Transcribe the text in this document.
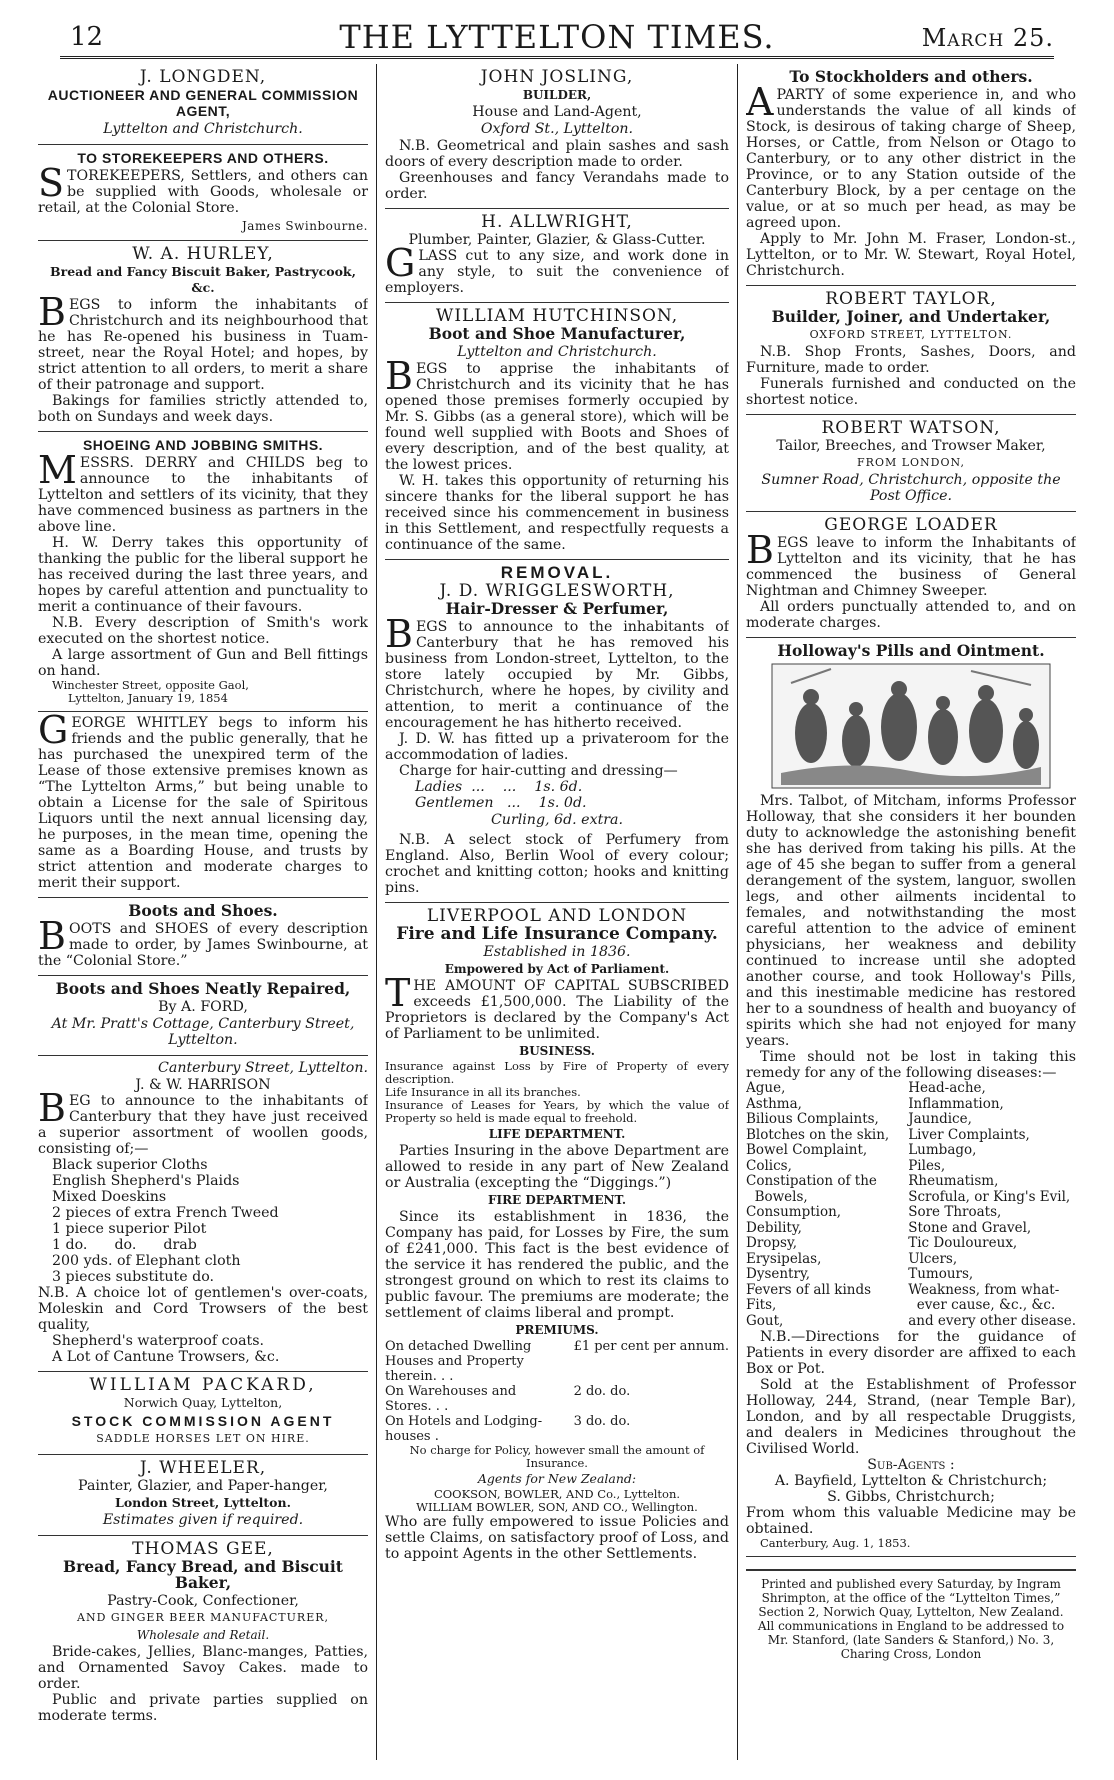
12	THE LYTTELTON TIMES.	March 25.
J. LONGDEN,
AUCTIONEER AND GENERAL COMMISSION AGENT,
Lyttelton and Christchurch.
TO STOREKEEPERS AND OTHERS.

STOREKEEPERS, Settlers, and others can be supplied with Goods, wholesale or retail, at the Colonial Store.

James Swinbourne.
W. A. HURLEY,
Bread and Fancy Biscuit Baker, Pastrycook, &c.

BEGS to inform the inhabitants of Christchurch and its neighbourhood that he has Re-opened his business in Tuam-street, near the Royal Hotel; and hopes, by strict attention to all orders, to merit a share of their patronage and support.

Bakings for families strictly attended to, both on Sundays and week days.

SHOEING AND JOBBING SMITHS.

MESSRS. DERRY and CHILDS beg to announce to the inhabitants of Lyttelton and settlers of its vicinity, that they have commenced business as partners in the above line.

H. W. Derry takes this opportunity of thanking the public for the liberal support he has received during the last three years, and hopes by careful attention and punctuality to merit a continuance of their favours.

N.B. Every description of Smith's work executed on the shortest notice.

A large assortment of Gun and Bell fittings on hand.

Winchester Street, opposite Gaol,
Lyttelton, January 19, 1854

GEORGE WHITLEY begs to inform his friends and the public generally, that he has purchased the unexpired term of the Lease of those extensive premises known as “The Lyttelton Arms,” but being unable to obtain a License for the sale of Spiritous Liquors until the next annual licensing day, he purposes, in the mean time, opening the same as a Boarding House, and trusts by strict attention and moderate charges to merit their support.

Boots and Shoes.

BOOTS and SHOES of every description made to order, by James Swinbourne, at the “Colonial Store.”

Boots and Shoes Neatly Repaired,
By A. FORD,
At Mr. Pratt's Cottage, Canterbury Street, Lyttelton.
Canterbury Street, Lyttelton.
J. & W. HARRISON

BEG to announce to the inhabitants of Canterbury that they have just received a superior assortment of woollen goods, consisting of;—

Black superior Cloths
English Shepherd's Plaids
Mixed Doeskins
2 pieces of extra French Tweed
1 piece superior Pilot
1 do.      do.      drab
200 yds. of Elephant cloth
3 pieces substitute do.

N.B. A choice lot of gentlemen's over-coats, Moleskin and Cord Trowsers of the best quality,

Shepherd's waterproof coats.
A Lot of Cantune Trowsers, &c.
WILLIAM PACKARD,
Norwich Quay, Lyttelton,
STOCK COMMISSION AGENT
SADDLE HORSES LET ON HIRE.
J. WHEELER,
Painter, Glazier, and Paper-hanger,
London Street, Lyttelton.
Estimates given if required.
THOMAS GEE,
Bread, Fancy Bread, and Biscuit Baker,
Pastry-Cook, Confectioner,
AND GINGER BEER MANUFACTURER,
Wholesale and Retail.

Bride-cakes, Jellies, Blanc-manges, Patties, and Ornamented Savoy Cakes. made to order.

Public and private parties supplied on moderate terms.

JOHN JOSLING,
BUILDER,
House and Land-Agent,
Oxford St., Lyttelton.

N.B. Geometrical and plain sashes and sash doors of every description made to order.

Greenhouses and fancy Verandahs made to order.

H. ALLWRIGHT,
Plumber, Painter, Glazier, & Glass-Cutter.

GLASS cut to any size, and work done in any style, to suit the convenience of employers.

WILLIAM HUTCHINSON,
Boot and Shoe Manufacturer,
Lyttelton and Christchurch.

BEGS to apprise the inhabitants of Christchurch and its vicinity that he has opened those premises formerly occupied by Mr. S. Gibbs (as a general store), which will be found well supplied with Boots and Shoes of every description, and of the best quality, at the lowest prices.

W. H. takes this opportunity of returning his sincere thanks for the liberal support he has received since his commencement in business in this Settlement, and respectfully requests a continuance of the same.

REMOVAL.
J. D. WRIGGLESWORTH,
Hair-Dresser & Perfumer,

BEGS to announce to the inhabitants of Canterbury that he has removed his business from London-street, Lyttelton, to the store lately occupied by Mr. Gibbs, Christchurch, where he hopes, by civility and attention, to merit a continuance of the encouragement he has hitherto received.

J. D. W. has fitted up a privateroom for the accommodation of ladies.

Charge for hair-cutting and dressing—
Ladies  ...    ...    1s. 6d.
Gentlemen   ...    1s. 0d.
Curling, 6d. extra.

N.B. A select stock of Perfumery from England. Also, Berlin Wool of every colour; crochet and knitting cotton; hooks and knitting pins.

LIVERPOOL AND LONDON
Fire and Life Insurance Company.
Established in 1836.
Empowered by Act of Parliament.

THE AMOUNT OF CAPITAL SUBSCRIBED exceeds £1,500,000. The Liability of the Proprietors is declared by the Company's Act of Parliament to be unlimited.

BUSINESS.

Insurance against Loss by Fire of Property of every description.

Life Insurance in all its branches.

Insurance of Leases for Years, by which the value of Property so held is made equal to freehold.

LIFE DEPARTMENT.

Parties Insuring in the above Department are allowed to reside in any part of New Zealand or Australia (excepting the “Diggings.”)

FIRE DEPARTMENT.

Since its establishment in 1836, the Company has paid, for Losses by Fire, the sum of £241,000. This fact is the best evidence of the service it has rendered the public, and the strongest ground on which to rest its claims to public favour. The premiums are moderate; the settlement of claims liberal and prompt.

PREMIUMS.
On detached Dwelling Houses and Property therein. . .
£1 per cent per annum.
On Warehouses and Stores. . .
2 do. do.
On Hotels and Lodging-houses .
3 do. do.
No charge for Policy, however small the amount of Insurance.
Agents for New Zealand:
COOKSON, BOWLER, AND Co., Lyttelton.
WILLIAM BOWLER, SON, AND CO., Wellington.

Who are fully empowered to issue Policies and settle Claims, on satisfactory proof of Loss, and to appoint Agents in the other Settlements.

To Stockholders and others.

APARTY of some experience in, and who understands the value of all kinds of Stock, is desirous of taking charge of Sheep, Horses, or Cattle, from Nelson or Otago to Canterbury, or to any other district in the Province, or to any Station outside of the Canterbury Block, by a per centage on the value, or at so much per head, as may be agreed upon.

Apply to Mr. John M. Fraser, London-st., Lyttelton, or to Mr. W. Stewart, Royal Hotel, Christchurch.

ROBERT TAYLOR,
Builder, Joiner, and Undertaker,
OXFORD STREET, LYTTELTON.

N.B. Shop Fronts, Sashes, Doors, and Furniture, made to order.

Funerals furnished and conducted on the shortest notice.

ROBERT WATSON,
Tailor, Breeches, and Trowser Maker,
FROM LONDON,
Sumner Road, Christchurch, opposite the Post Office.
GEORGE LOADER

BEGS leave to inform the Inhabitants of Lyttelton and its vicinity, that he has commenced the business of General Nightman and Chimney Sweeper.

All orders punctually attended to, and on moderate charges.

Holloway's Pills and Ointment.

Mrs. Talbot, of Mitcham, informs Professor Holloway, that she considers it her bounden duty to acknowledge the astonishing benefit she has derived from taking his pills. At the age of 45 she began to suffer from a general derangement of the system, languor, swollen legs, and other ailments incidental to females, and notwithstanding the most careful attention to the advice of eminent physicians, her weakness and debility continued to increase until she adopted another course, and took Holloway's Pills, and this inestimable medicine has restored her to a soundness of health and buoyancy of spirits which she had not enjoyed for many years.

Time should not be lost in taking this remedy for any of the following diseases:—

Ague,
Asthma,
Bilious Complaints,
Blotches on the skin,
Bowel Complaint,
Colics,
Constipation of the
Bowels,
Consumption,
Debility,
Dropsy,
Erysipelas,
Dysentry,
Fevers of all kinds
Fits,
Gout,
Head-ache,
Inflammation,
Jaundice,
Liver Complaints,
Lumbago,
Piles,
Rheumatism,
Scrofula, or King's Evil,
Sore Throats,
Stone and Gravel,
Tic Douloureux,
Ulcers,
Tumours,
Weakness, from what-
ever cause, &c., &c.
and every other disease.

N.B.—Directions for the guidance of Patients in every disorder are affixed to each Box or Pot.

Sold at the Establishment of Professor Holloway, 244, Strand, (near Temple Bar), London, and by all respectable Druggists, and dealers in Medicines throughout the Civilised World.

Sub-Agents :
A. Bayfield, Lyttelton & Christchurch;
S. Gibbs, Christchurch;

From whom this valuable Medicine may be obtained.

Canterbury, Aug. 1, 1853.
Printed and published every Saturday, by Ingram Shrimpton, at the office of the “Lyttelton Times,” Section 2, Norwich Quay, Lyttelton, New Zealand.
All communications in England to be addressed to Mr. Stanford, (late Sanders & Stanford,) No. 3, Charing Cross, London
